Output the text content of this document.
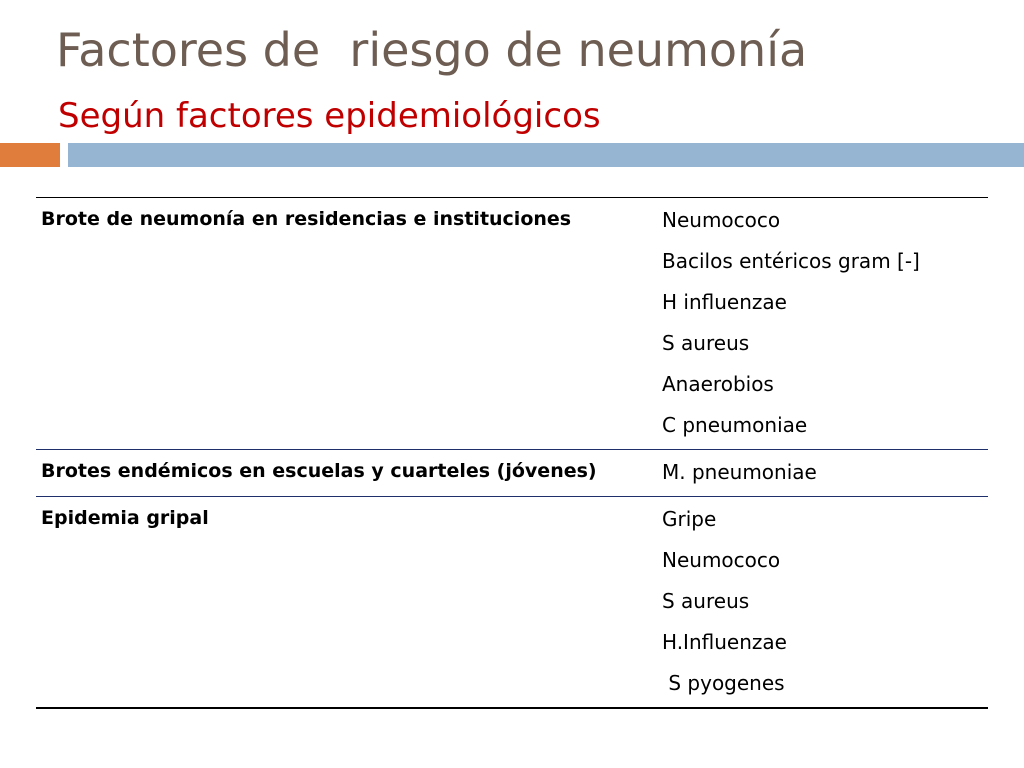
Factores de  riesgo de neumonía
Según factores epidemiológicos
Brote de neumonía en residencias e instituciones	Neumococo
Bacilos entéricos gram [-]
H influenzae
S aureus
Anaerobios
C pneumoniae
Brotes endémicos en escuelas y cuarteles (jóvenes)	M. pneumoniae
Epidemia gripal	Gripe
Neumococo
S aureus
H.Influenzae
S pyogenes
